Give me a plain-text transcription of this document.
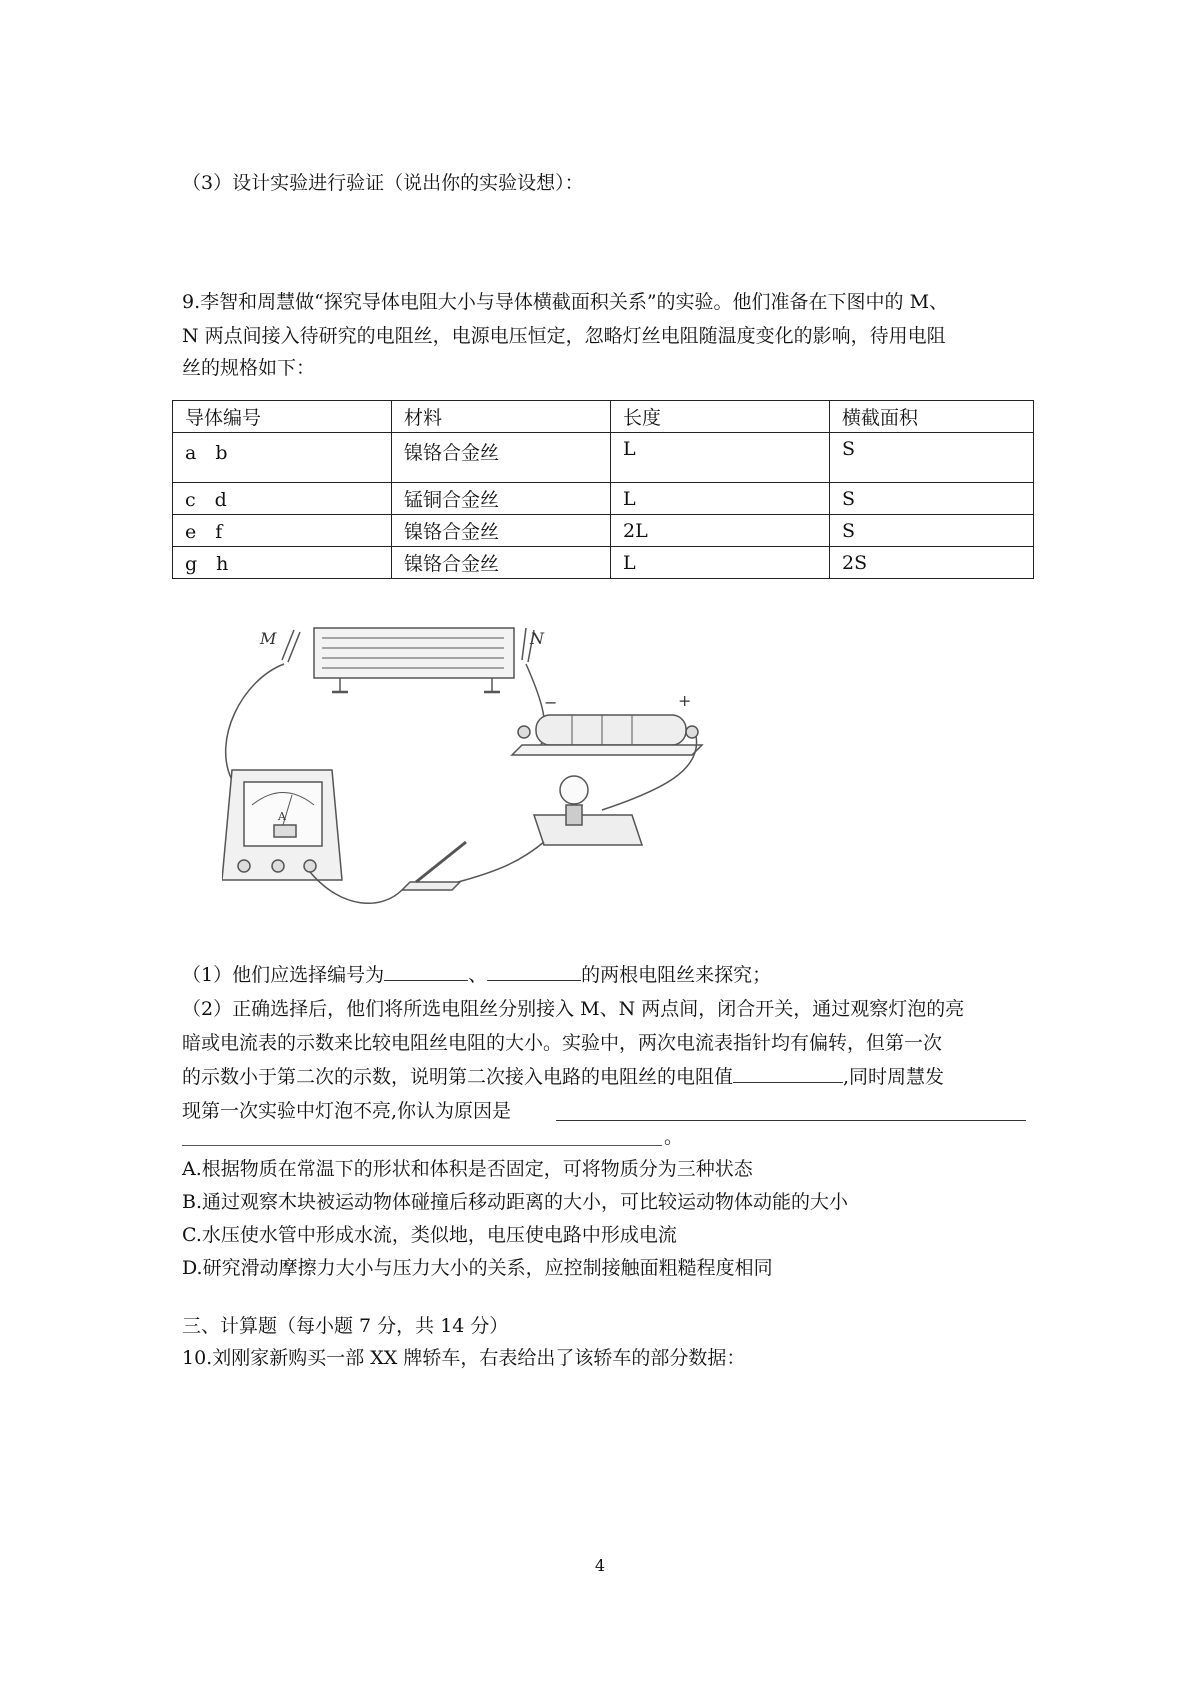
（3）设计实验进行验证（说出你的实验设想）：
9.李智和周慧做“探究导体电阻大小与导体横截面积关系”的实验。他们准备在下图中的 M、
N 两点间接入待研究的电阻丝，电源电压恒定，忽略灯丝电阻随温度变化的影响，待用电阻
丝的规格如下：
导体编号	材料	长度	横截面积
a　b	镍铬合金丝	L	S
c　d	锰铜合金丝	L	S
e　f	镍铬合金丝	2L	S
g　h	镍铬合金丝	L	2S
M	N
−	+
A
（1）他们应选择编号为	、	的两根电阻丝来探究；
（2）正确选择后，他们将所选电阻丝分别接入 M、N 两点间，闭合开关，通过观察灯泡的亮
暗或电流表的示数来比较电阻丝电阻的大小。实验中，两次电流表指针均有偏转，但第一次
的示数小于第二次的示数，说明第二次接入电路的电阻丝的电阻值	,同时周慧发
现第一次实验中灯泡不亮,你认为原因是
。
A.根据物质在常温下的形状和体积是否固定，可将物质分为三种状态
B.通过观察木块被运动物体碰撞后移动距离的大小，可比较运动物体动能的大小
C.水压使水管中形成水流，类似地，电压使电路中形成电流
D.研究滑动摩擦力大小与压力大小的关系，应控制接触面粗糙程度相同
三、计算题（每小题 7 分，共 14 分）
10.刘刚家新购买一部 XX 牌轿车，右表给出了该轿车的部分数据：
4
